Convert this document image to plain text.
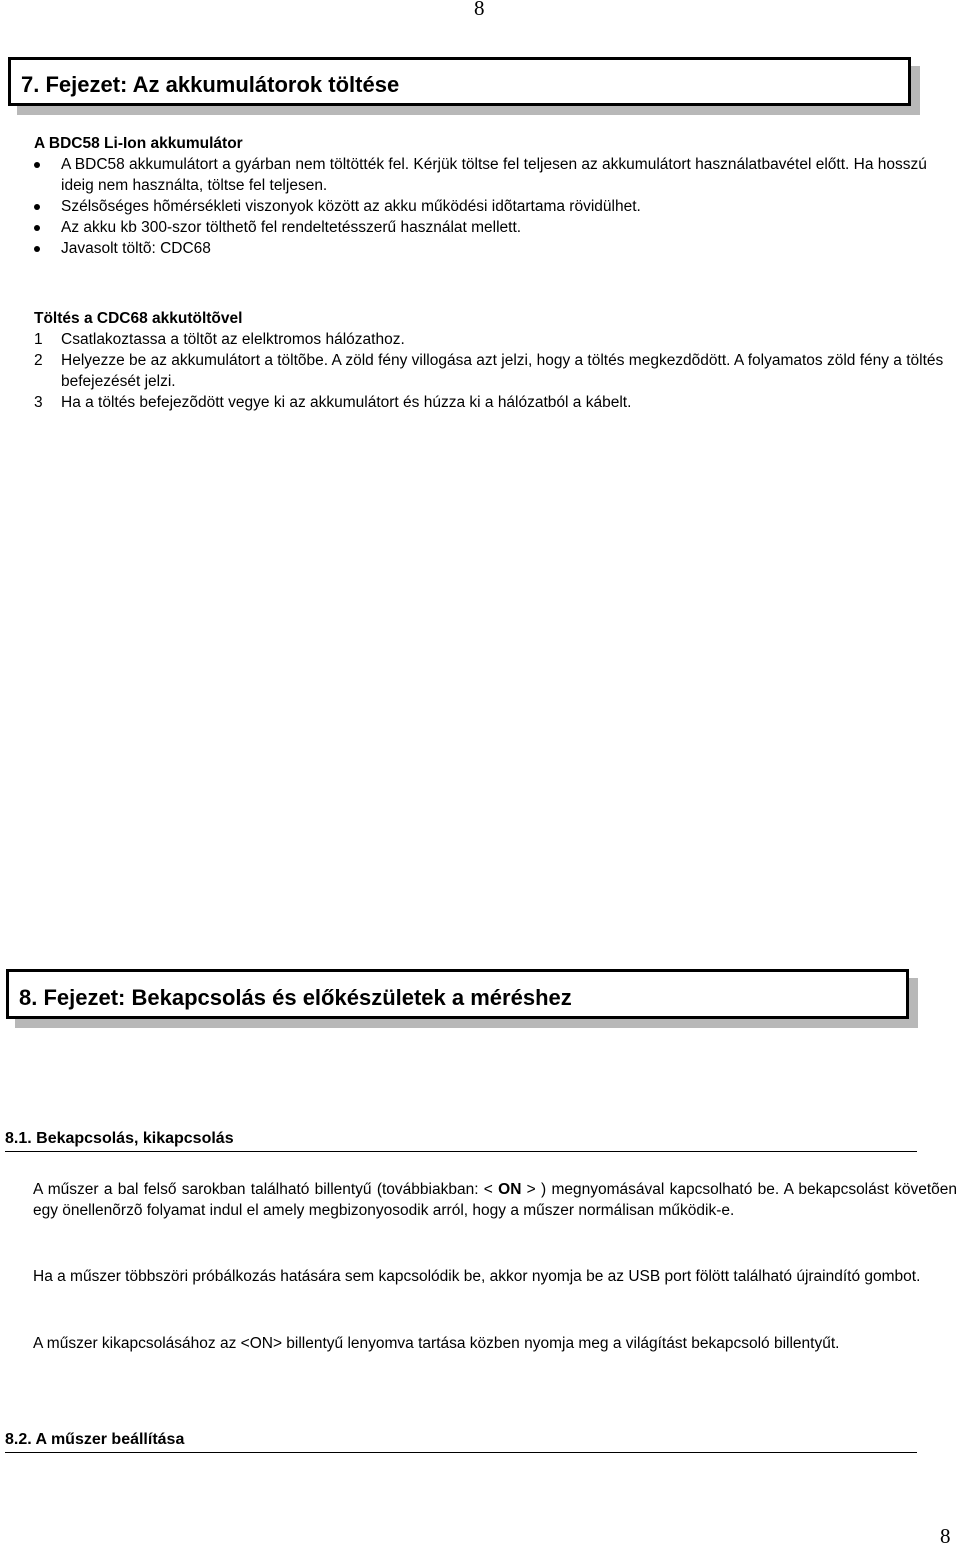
8
7. Fejezet: Az akkumulátorok töltése
A BDC58 Li-Ion akkumulátor
A BDC58 akkumulátort a gyárban nem töltötték fel. Kérjük töltse fel teljesen az akkumulátort használatbavétel előtt. Ha hosszú ideig nem használta, töltse fel teljesen.
Szélsõséges hõmérsékleti viszonyok között az akku működési idõtartama rövidülhet.
Az akku kb 300-szor tölthetõ fel rendeltetésszerű használat mellett.
Javasolt töltõ: CDC68
Töltés a CDC68 akkutöltõvel
1 Csatlakoztassa a töltõt az elelktromos hálózathoz.
2 Helyezze be az akkumulátort a töltõbe. A zöld fény villogása azt jelzi, hogy a töltés megkezdõdött. A folyamatos zöld fény a töltés befejezését jelzi.
3 Ha a töltés befejezõdött vegye ki az akkumulátort és húzza ki a hálózatból a kábelt.
8. Fejezet: Bekapcsolás és előkészületek a méréshez
8.1. Bekapcsolás, kikapcsolás
A műszer a bal felső sarokban található billentyű (továbbiakban: < ON > ) megnyomásával kapcsolható be. A bekapcsolást követõen egy önellenõrzõ folyamat indul el amely megbizonyosodik arról, hogy a műszer normálisan működik-e.
Ha a műszer többszöri próbálkozás hatására sem kapcsolódik be, akkor nyomja be az USB port fölött található újraindító gombot.
A műszer kikapcsolásához az <ON> billentyű lenyomva tartása közben nyomja meg a világítást bekapcsoló billentyűt.
8.2. A műszer beállítása
8
